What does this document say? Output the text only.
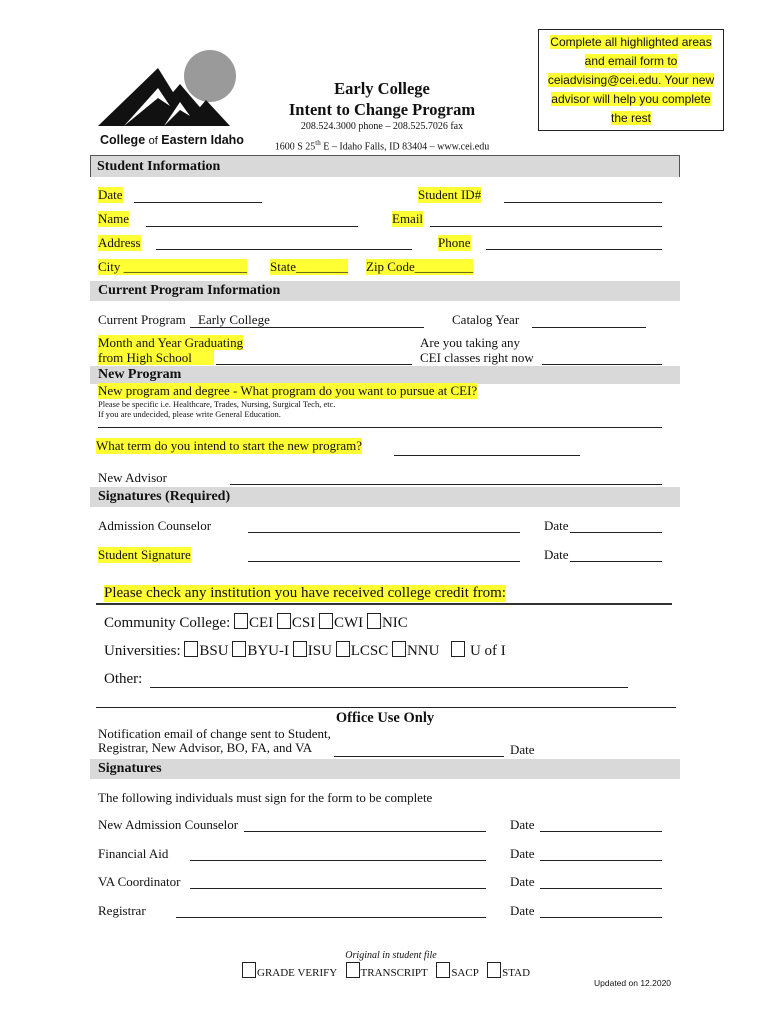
College of Eastern Idaho
Early College
Intent to Change Program
208.524.3000 phone – 208.525.7026 fax
1600 S 25th E – Idaho Falls, ID 83404 – www.cei.edu
Complete all highlighted areas and email form to ceiadvising@cei.edu. Your new advisor will help you complete the rest
Student Information
Date	Student ID#
Name	Email
Address	Phone
City ___________________ State________ Zip Code_________
Current Program Information
Current Program Early College	Catalog Year
Month and Year Graduating
from High School
Are you taking any
CEI classes right now
New Program
New program and degree - What program do you want to pursue at CEI?
Please be specific i.e. Healthcare, Trades, Nursing, Surgical Tech, etc.
If you are undecided, please write General Education.
What term do you intend to start the new program?
New Advisor
Signatures (Required)
Admission Counselor	Date
Student Signature	Date
Please check any institution you have received college credit from:
Community College: CEI CSI CWI NIC
Universities: BSU BYU-I ISU LCSC NNU  U of I
Other:
Office Use Only
Notification email of change sent to Student,
Registrar, New Advisor, BO, FA, and VA	Date
Signatures
The following individuals must sign for the form to be complete
New Admission Counselor	Date
Financial Aid	Date
VA Coordinator	Date
Registrar	Date
Original in student file
GRADE VERIFY TRANSCRIPT SACP STAD
Updated on 12.2020
